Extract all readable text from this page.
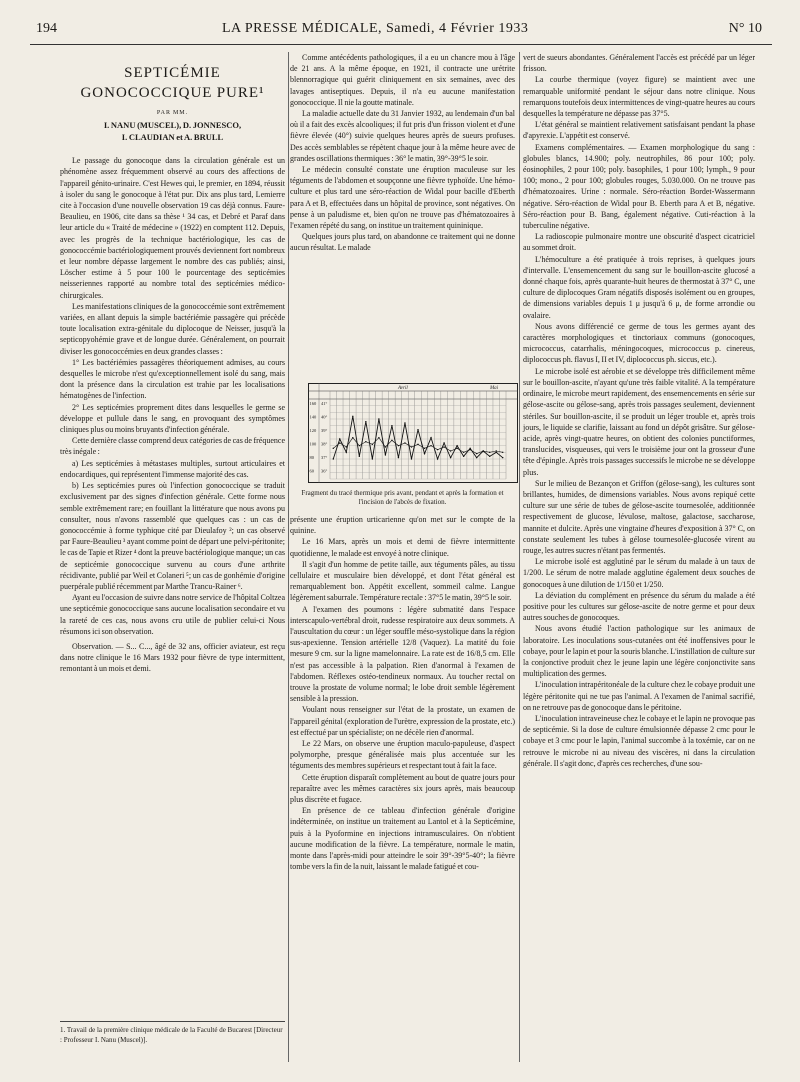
194	LA PRESSE MÉDICALE, Samedi, 4 Février 1933	N° 10

SEPTICÉMIE

GONOCOCCIQUE PURE¹

PAR MM.

I. NANU (MUSCEL), D. JONNESCO,

I. CLAUDIAN et A. BRULL

Le passage du gonocoque dans la circulation générale est un phénomène assez fréquemment observé au cours des affections de l'appareil génito-urinaire. C'est Hewes qui, le premier, en 1894, réussit à isoler du sang le gonocoque à l'état pur. Dix ans plus tard, Lemierre cite à l'occasion d'une nouvelle observation 19 cas déjà connus. Faure-Beaulieu, en 1906, cite dans sa thèse ¹ 34 cas, et Debré et Paraf dans leur article du « Traité de médecine » (1922) en comptent 112. Depuis, avec les progrès de la technique bactériologique, les cas de gonococcémie bactériologiquement prouvés deviennent fort nombreux et leur nombre dépasse largement le nombre des cas publiés; ainsi, Löscher estime à 5 pour 100 le pourcentage des septicémies neisseriennes rapporté au nombre total des septicémies médico-chirurgicales.

Les manifestations cliniques de la gonococcémie sont extrêmement variées, en allant depuis la simple bactériémie passagère qui précède toute localisation extra-génitale du diplocoque de Neisser, jusqu'à la septicopyohémie grave et de longue durée. Généralement, on pourrait diviser les gonococcémies en deux grandes classes :

1° Les bactériémies passagères théoriquement admises, au cours desquelles le microbe n'est qu'exceptionnellement isolé du sang, mais dont la présence dans la circulation est trahie par les localisations hématogènes de l'infection.

2° Les septicémies proprement dites dans lesquelles le germe se développe et pullule dans le sang, en provoquant des symptômes cliniques plus ou moins bruyants d'infection générale.

Cette dernière classe comprend deux catégories de cas de fréquence très inégale :

a) Les septicémies à métastases multiples, surtout articulaires et endocardiques, qui représentent l'immense majorité des cas.

b) Les septicémies pures où l'infection gonococcique se traduit exclusivement par des signes d'infection générale. Cette forme nous semble extrêmement rare; en fouillant la littérature que nous avons pu consulter, nous n'avons rassemblé que quelques cas : un cas de gonococcémie à forme typhique cité par Dieulafoy ²; un cas observé par Faure-Beaulieu ³ ayant comme point de départ une pelvi-péritonite; le cas de Tapie et Rizer ⁴ dont la preuve bactériologique manque; un cas de septicémie gonococcique survenu au cours d'une arthrite récidivante, publié par Weil et Colaneri ⁵; un cas de gonhémie d'origine puerpérale publié récemment par Marthe Trancu-Rainer ⁶.

Ayant eu l'occasion de suivre dans notre service de l'hôpital Coltzea une septicémie gonococcique sans aucune localisation secondaire et vu la rareté de ces cas, nous avons cru utile de publier celui-ci Nous résumons ici son observation.

Observation. — S... C..., âgé de 32 ans, officier aviateur, est reçu dans notre clinique le 16 Mars 1932 pour fièvre de type intermittent, remontant à un mois et demi.

1. Travail de la première clinique médicale de la Faculté de Bucarest [Directeur : Professeur I. Nanu (Muscel)].

Comme antécédents pathologiques, il a eu un chancre mou à l'âge de 21 ans. A la même époque, en 1921, il contracte une urétrite blennorragique qui guérit cliniquement en six semaines, avec des lavages antiseptiques. Depuis, il n'a eu aucune manifestation gonococcique. Il nie la goutte matinale.

La maladie actuelle date du 31 Janvier 1932, au lendemain d'un bal où il a fait des excès alcooliques; il fut pris d'un frisson violent et d'une fièvre élevée (40°) suivie quelques heures après de sueurs profuses. Des accès semblables se répètent chaque jour à la même heure avec de grandes oscillations thermiques : 36° le matin, 39°-39°5 le soir.

Le médecin consulté constate une éruption maculeuse sur les téguments de l'abdomen et soupçonne une fièvre typhoïde. Une hémo-culture et plus tard une séro-réaction de Widal pour bacille d'Eberth para A et B, effectuées dans un hôpital de province, sont négatives. On pense à un paludisme et, bien qu'on ne trouve pas d'hématozoaires à l'examen répété du sang, on institue un traitement quininique.

Quelques jours plus tard, on abandonne ce traitement qui ne donne aucun résultat. Le malade

160
140
120
100
80
60
41°
40°
39°
38°
37°
36°
Avril	Mai
Fragment du tracé thermique pris avant, pendant et après la formation et l'incision de l'abcès de fixation.

présente une éruption urticarienne qu'on met sur le compte de la quinine.

Le 16 Mars, après un mois et demi de fièvre intermittente quotidienne, le malade est envoyé à notre clinique.

Il s'agit d'un homme de petite taille, aux téguments pâles, au tissu cellulaire et musculaire bien développé, et dont l'état général est remarquablement bon. Appétit excellent, sommeil calme. Langue légèrement saburrale. Température rectale : 37°5 le matin, 39°5 le soir.

A l'examen des poumons : légère submatité dans l'espace interscapulo-vertébral droit, rudesse respiratoire aux deux sommets. A l'auscultation du cœur : un léger souffle méso-systolique dans la région sus-apexienne. Tension artérielle 12/8 (Vaquez). La matité du foie mesure 9 cm. sur la ligne mamelonnaire. La rate est de 16/8,5 cm. Elle n'est pas accessible à la palpation. Rien d'anormal à l'examen de l'abdomen. Réflexes ostéo-tendineux normaux. Au toucher rectal on trouve la prostate de volume normal; le lobe droit semble légèrement sensible à la pression.

Voulant nous renseigner sur l'état de la prostate, un examen de l'appareil génital (exploration de l'urètre, expression de la prostate, etc.) est effectué par un spécialiste; on ne décèle rien d'anormal.

Le 22 Mars, on observe une éruption maculo-papuleuse, d'aspect polymorphe, presque généralisée mais plus accentuée sur les téguments des membres supérieurs et respectant tout à fait la face.

Cette éruption disparaît complètement au bout de quatre jours pour reparaître avec les mêmes caractères six jours après, mais beaucoup plus discrète et fugace.

En présence de ce tableau d'infection générale d'origine indéterminée, on institue un traitement au Lantol et à la Septicémine, puis à la Pyoformine en injections intramusculaires. On n'obtient aucune modification de la fièvre. La température, normale le matin, monte dans l'après-midi pour atteindre le soir 39°-39°5-40°; la fièvre tombe vers la fin de la nuit, laissant le malade fatigué et cou-

vert de sueurs abondantes. Généralement l'accès est précédé par un léger frisson.

La courbe thermique (voyez figure) se maintient avec une remarquable uniformité pendant le séjour dans notre clinique. Nous remarquons toutefois deux intermittences de vingt-quatre heures au cours desquelles la température ne dépasse pas 37°5.

L'état général se maintient relativement satisfaisant pendant la phase d'apyrexie. L'appétit est conservé.

Examens complémentaires. — Examen morphologique du sang : globules blancs, 14.900; poly. neutrophiles, 86 pour 100; poly. éosinophiles, 2 pour 100; poly. basophiles, 1 pour 100; lymph., 9 pour 100; mono., 2 pour 100; globules rouges, 5.030.000. On ne trouve pas d'hématozoaires. Urine : normale. Séro-réaction Bordet-Wassermann négative. Séro-réaction de Widal pour B. Eberth para A et B, négative. Séro-réaction pour B. Bang, également négative. Cuti-réaction à la tuberculine négative.

La radioscopie pulmonaire montre une obscurité d'aspect cicatriciel au sommet droit.

L'hémoculture a été pratiquée à trois reprises, à quelques jours d'intervalle. L'ensemencement du sang sur le bouillon-ascite glucosé a donné chaque fois, après quarante-huit heures de thermostat à 37° C, une culture de diplocoques Gram négatifs disposés isolément ou en groupes, de dimensions variables depuis 1 μ jusqu'à 6 μ, de forme arrondie ou ovalaire.

Nous avons différencié ce germe de tous les germes ayant des caractères morphologiques et tinctoriaux communs (gonocoques, micrococcus, catarrhalis, méningocoques, micrococcus p. cinereus, diplococcus ph. flavus I, II et IV, diplococcus ph. siccus, etc.).

Le microbe isolé est aérobie et se développe très difficilement même sur le bouillon-ascite, n'ayant qu'une très faible vitalité. A la température ordinaire, le microbe meurt rapidement, des ensemencements en série sur gélose-ascite ou gélose-sang, après trois passages seulement, deviennent stériles. Sur bouillon-ascite, il se produit un léger trouble et, après trois jours, le liquide se clarifie, laissant au fond un dépôt grisâtre. Sur gélose-acide, après vingt-quatre heures, on obtient des colonies punctiformes, translucides, visqueuses, qui vers le troisième jour ont la grosseur d'une tête d'épingle. Après trois passages successifs le microbe ne se développe plus.

Sur le milieu de Bezançon et Griffon (gélose-sang), les cultures sont brillantes, humides, de dimensions variables. Nous avons repiqué cette culture sur une série de tubes de gélose-ascite tournesolée, additionnée respectivement de glucose, lévulose, maltose, galactose, saccharose, mannite et dulcite. Après une vingtaine d'heures d'exposition à 37° C, on constate seulement les tubes à gélose tournesolée-glucosée virent au rouge, les autres sucres n'étant pas fermentés.

Le microbe isolé est agglutiné par le sérum du malade à un taux de 1/200. Le sérum de notre malade agglutine également deux souches de gonocoques à une dilution de 1/150 et 1/250.

La déviation du complément en présence du sérum du malade a été positive pour les cultures sur gélose-ascite de notre germe et pour deux autres souches de gonocoques.

Nous avons étudié l'action pathologique sur les animaux de laboratoire. Les inoculations sous-cutanées ont été inoffensives pour le cobaye, pour le lapin et pour la souris blanche. L'instillation de culture sur la conjonctive produit chez le jeune lapin une légère conjonctivite sans multiplication des germes.

L'inoculation intrapéritonéale de la culture chez le cobaye produit une légère péritonite qui ne tue pas l'animal. A l'examen de l'animal sacrifié, on ne retrouve pas de gonocoque dans le péritoine.

L'inoculation intraveineuse chez le cobaye et le lapin ne provoque pas de septicémie. Si la dose de culture émulsionnée dépasse 2 cmc pour le cobaye et 3 cmc pour le lapin, l'animal succombe à la toxémie, car on ne retrouve le microbe ni au niveau des viscères, ni dans la circulation générale. Il s'agit donc, d'après ces recherches, d'une sou-
